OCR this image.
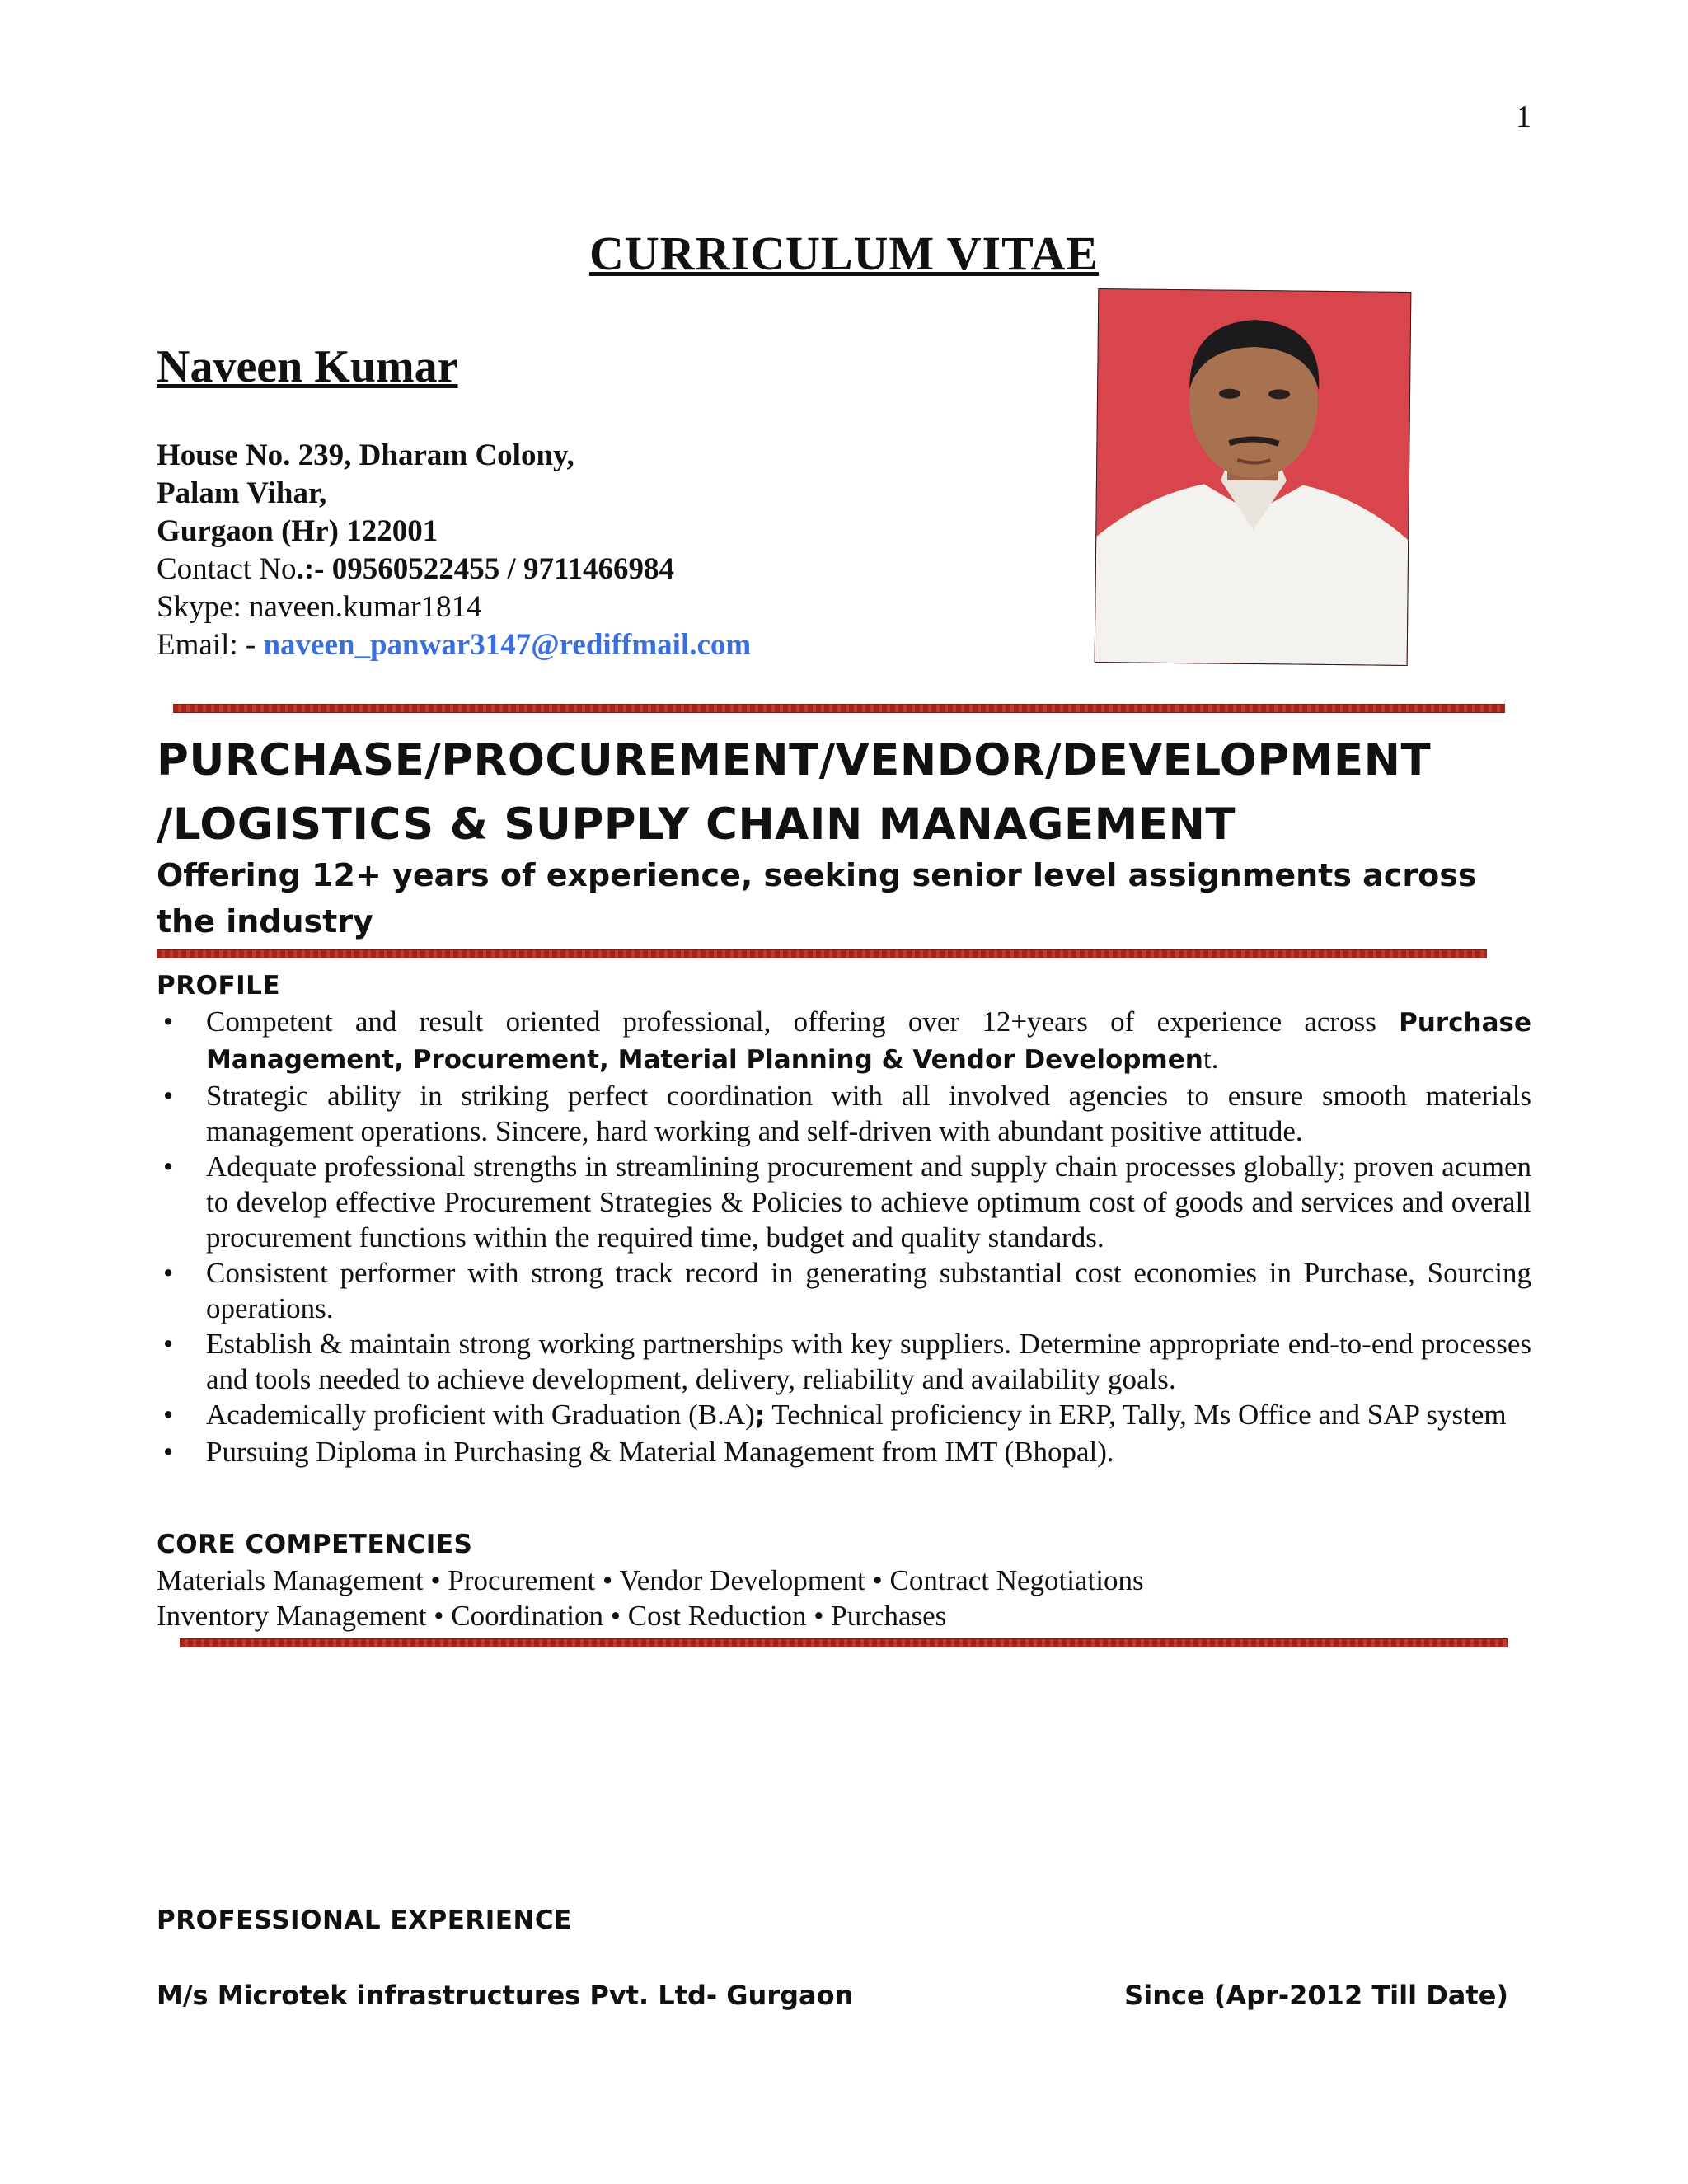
1
CURRICULUM VITAE
Naveen Kumar
House No. 239, Dharam Colony,
Palam Vihar,
Gurgaon (Hr) 122001
Contact No.:- 09560522455 / 9711466984
Skype: naveen.kumar1814
Email: - naveen_panwar3147@rediffmail.com
PURCHASE/PROCUREMENT/VENDOR/DEVELOPMENT
/LOGISTICS & SUPPLY CHAIN MANAGEMENT
Offering 12+ years of experience, seeking senior level assignments across the industry
PROFILE
• Competent and result oriented professional, offering over 12+years of experience across Purchase Management, Procurement, Material Planning & Vendor Development.
• Strategic ability in striking perfect coordination with all involved agencies to ensure smooth materials management operations. Sincere, hard working and self-driven with abundant positive attitude.
• Adequate professional strengths in streamlining procurement and supply chain processes globally; proven acumen to develop effective Procurement Strategies & Policies to achieve optimum cost of goods and services and overall procurement functions within the required time, budget and quality standards.
• Consistent performer with strong track record in generating substantial cost economies in Purchase, Sourcing operations.
• Establish & maintain strong working partnerships with key suppliers. Determine appropriate end-to-end processes and tools needed to achieve development, delivery, reliability and availability goals.
• Academically proficient with Graduation (B.A); Technical proficiency in ERP, Tally, Ms Office and SAP system
• Pursuing Diploma in Purchasing & Material Management from IMT (Bhopal).
CORE COMPETENCIES
Materials Management • Procurement • Vendor Development • Contract Negotiations
Inventory Management • Coordination • Cost Reduction • Purchases
PROFESSIONAL EXPERIENCE
M/s Microtek infrastructures Pvt. Ltd- Gurgaon	Since (Apr-2012 Till Date)
